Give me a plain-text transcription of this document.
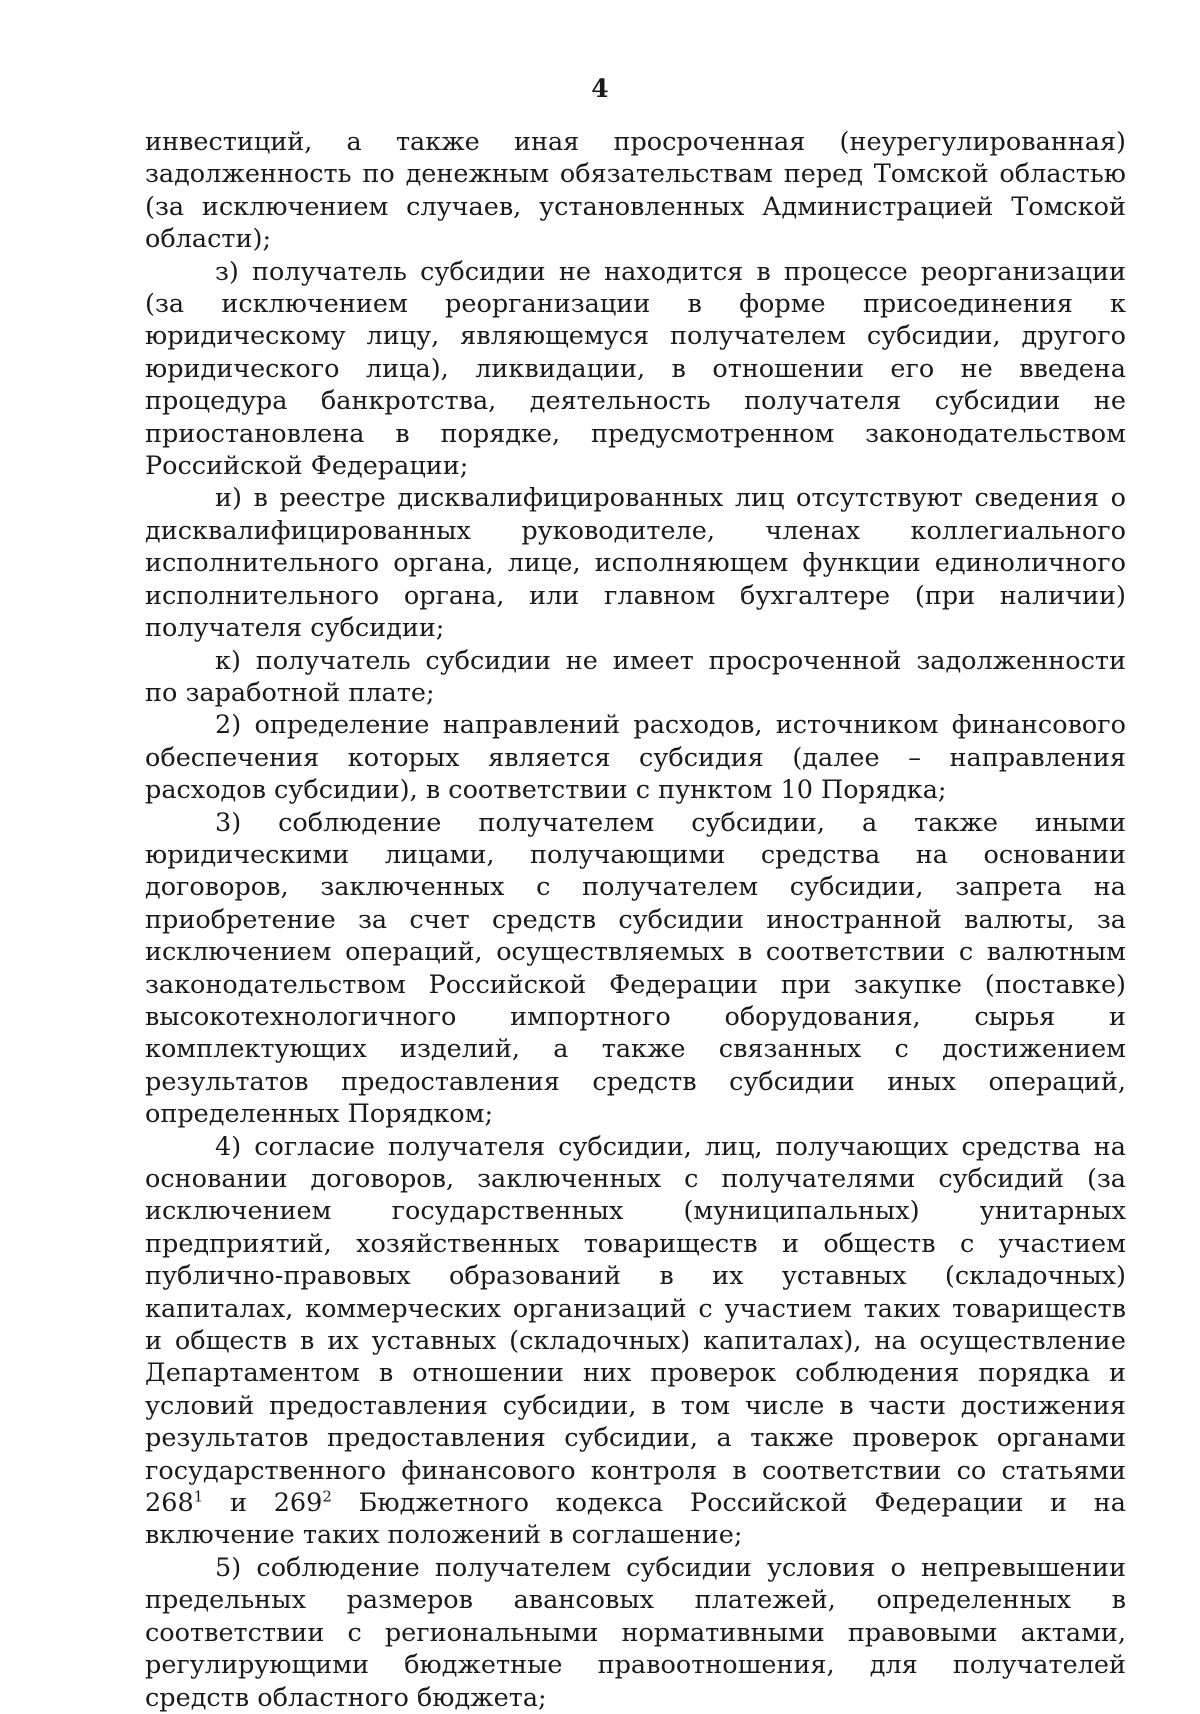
4

инвестиций, а также иная просроченная (неурегулированная) задолженность по денежным обязательствам перед Томской областью (за исключением случаев, установленных Администрацией Томской области);

з) получатель субсидии не находится в процессе реорганизации (за исключением реорганизации в форме присоединения к юридическому лицу, являющемуся получателем субсидии, другого юридического лица), ликвидации, в отношении его не введена процедура банкротства, деятельность получателя субсидии не приостановлена в порядке, предусмотренном законодательством Российской Федерации;

и) в реестре дисквалифицированных лиц отсутствуют сведения о дисквалифицированных руководителе, членах коллегиального исполнительного органа, лице, исполняющем функции единоличного исполнительного органа, или главном бухгалтере (при наличии) получателя субсидии;

к) получатель субсидии не имеет просроченной задолженности по заработной плате;

2) определение направлений расходов, источником финансового обеспечения которых является субсидия (далее – направления расходов субсидии), в соответствии с пунктом 10 Порядка;

3) соблюдение получателем субсидии, а также иными юридическими лицами, получающими средства на основании договоров, заключенных с получателем субсидии, запрета на приобретение за счет средств субсидии иностранной валюты, за исключением операций, осуществляемых в соответствии с валютным законодательством Российской Федерации при закупке (поставке) высокотехнологичного импортного оборудования, сырья и комплектующих изделий, а также связанных с достижением результатов предоставления средств субсидии иных операций, определенных Порядком;

4) согласие получателя субсидии, лиц, получающих средства на основании договоров, заключенных с получателями субсидий (за исключением государственных (муниципальных) унитарных предприятий, хозяйственных товариществ и обществ с участием публично-правовых образований в их уставных (складочных) капиталах, коммерческих организаций с участием таких товариществ и обществ в их уставных (складочных) капиталах), на осуществление Департаментом в отношении них проверок соблюдения порядка и условий предоставления субсидии, в том числе в части достижения результатов предоставления субсидии, а также проверок органами государственного финансового контроля в соответствии со статьями $268^1$ и $269^2$ Бюджетного кодекса Российской Федерации и на включение таких положений в соглашение;

5) соблюдение получателем субсидии условия о непревышении предельных размеров авансовых платежей, определенных в соответствии с региональными нормативными правовыми актами, регулирующими бюджетные правоотношения, для получателей средств областного бюджета;
